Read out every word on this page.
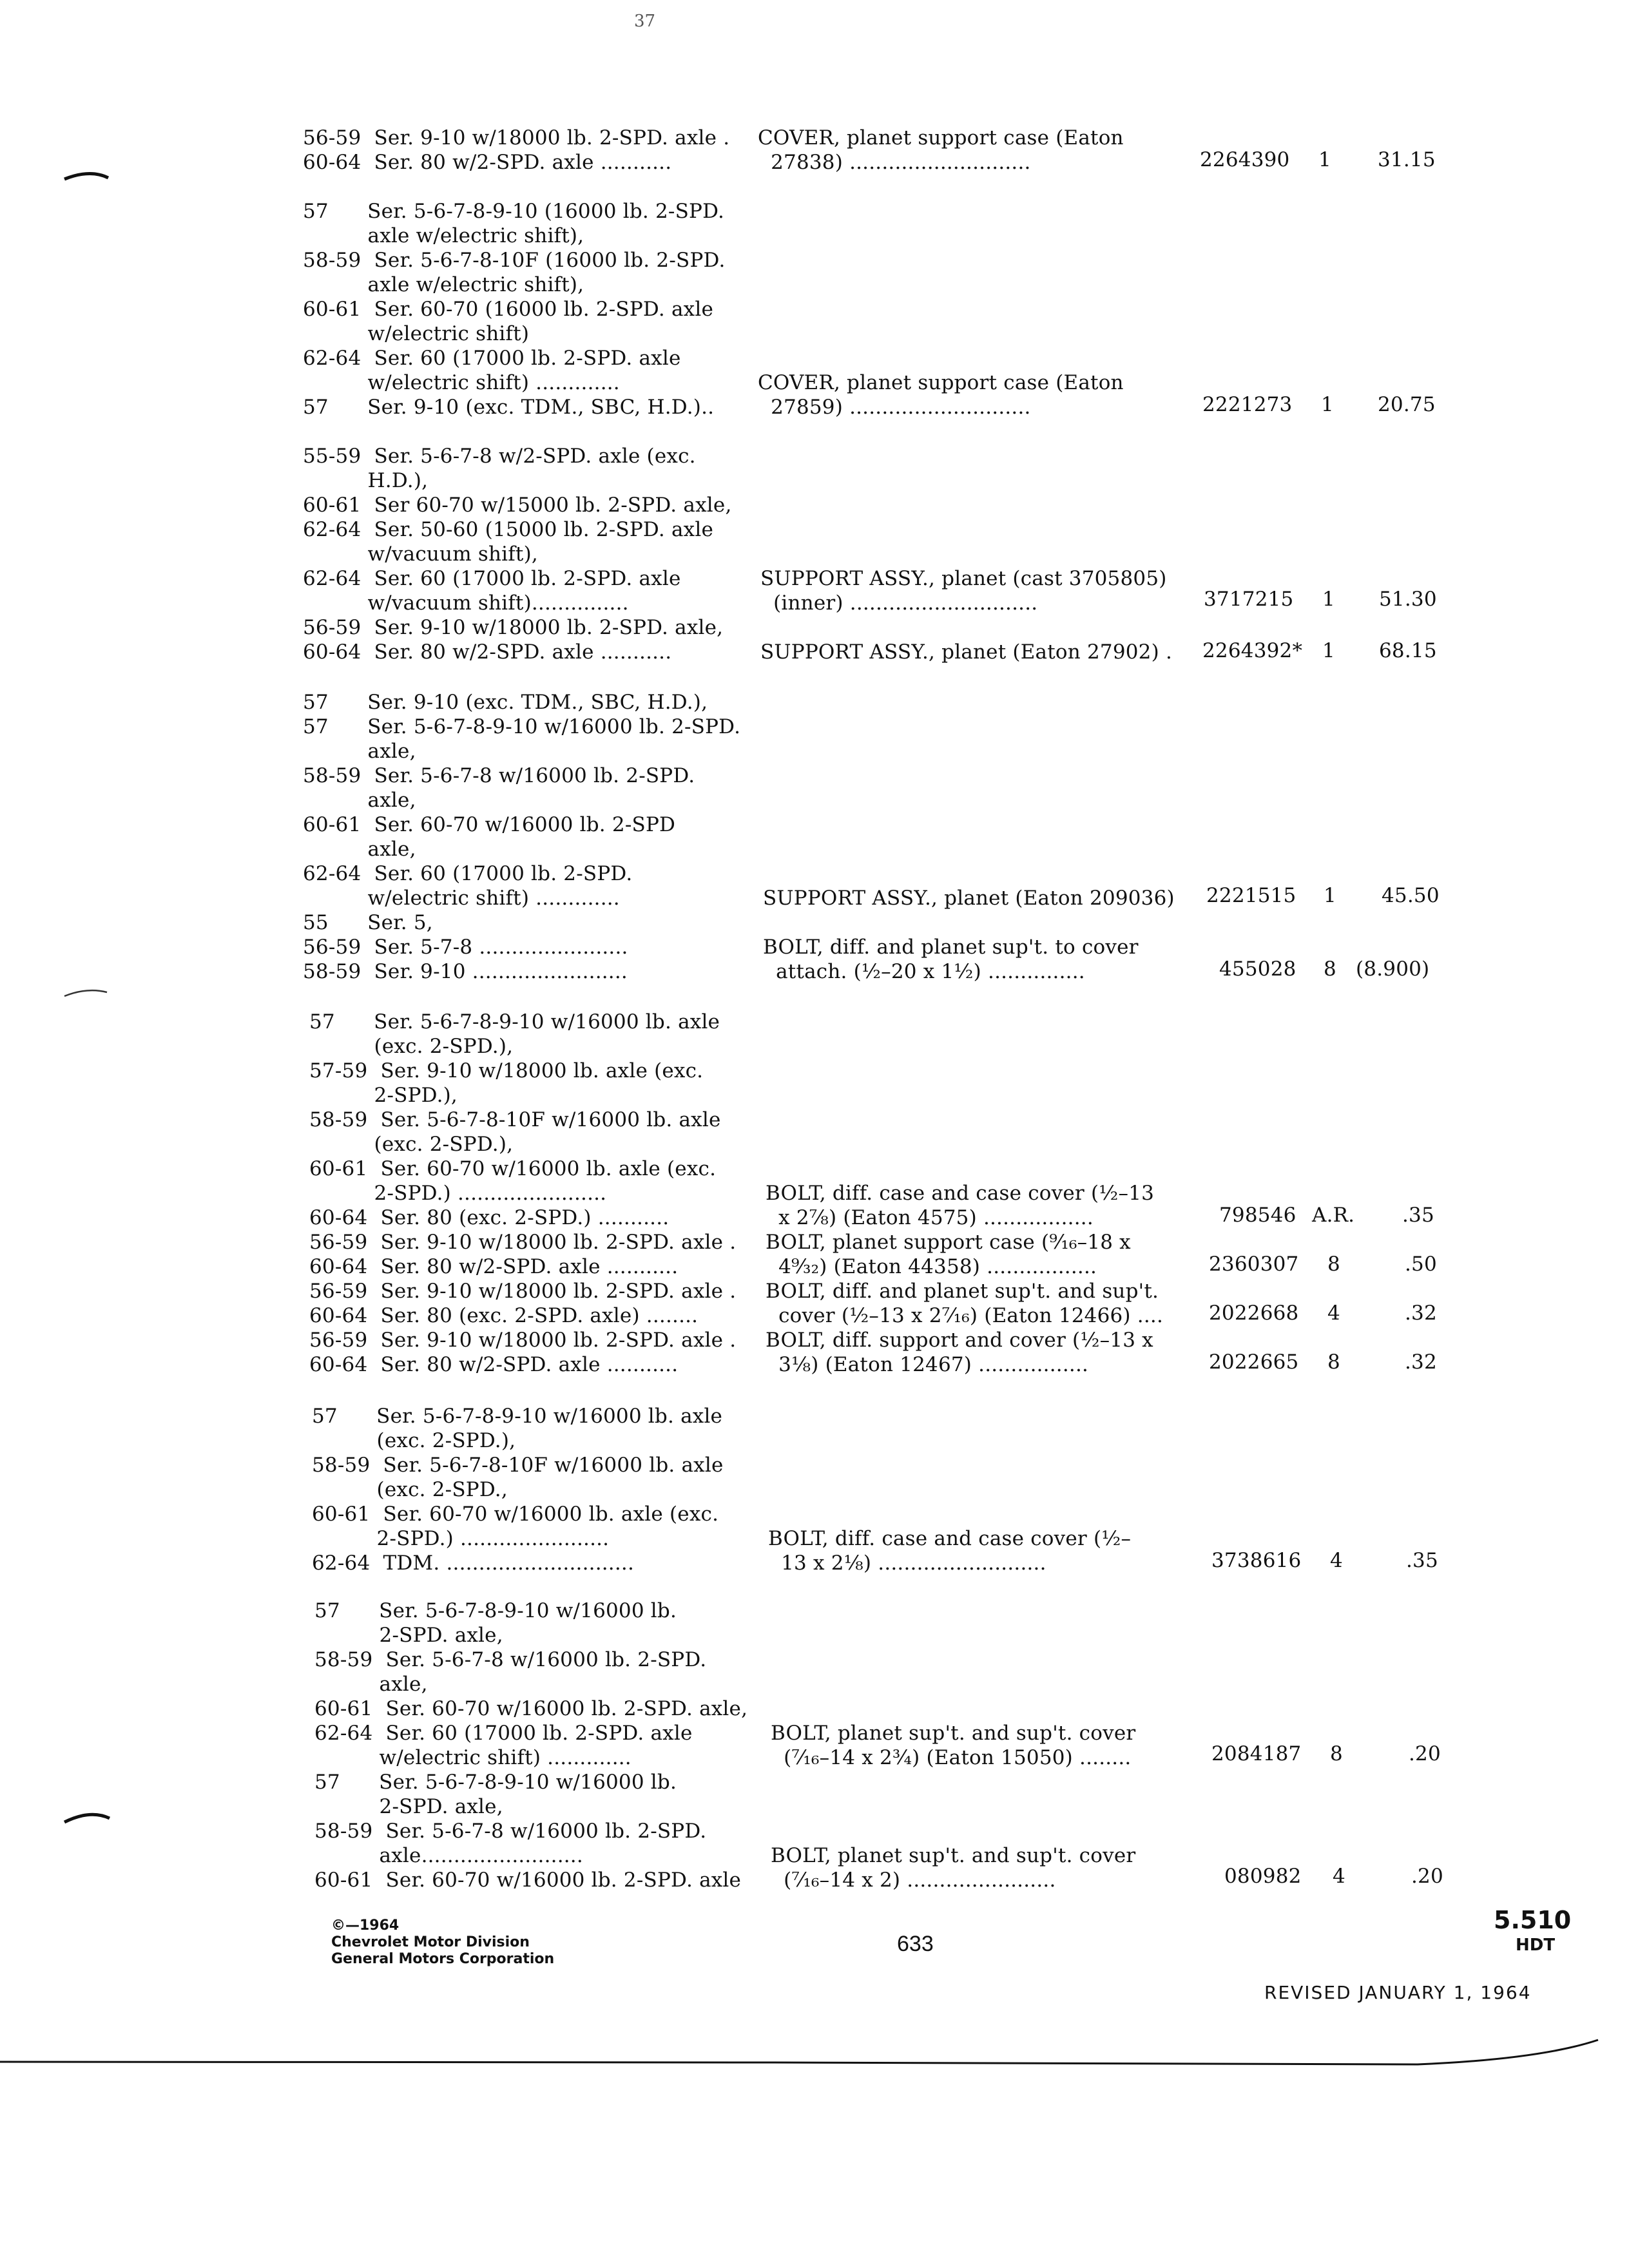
37
56-59  Ser. 9-10 w/18000 lb. 2-SPD. axle .
60-64  Ser. 80 w/2-SPD. axle ...........
57      Ser. 5-6-7-8-9-10 (16000 lb. 2-SPD.
axle w/electric shift),
58-59  Ser. 5-6-7-8-10F (16000 lb. 2-SPD.
axle w/electric shift),
60-61  Ser. 60-70 (16000 lb. 2-SPD. axle
w/electric shift)
62-64  Ser. 60 (17000 lb. 2-SPD. axle
w/electric shift) .............
57      Ser. 9-10 (exc. TDM., SBC, H.D.)..
55-59  Ser. 5-6-7-8 w/2-SPD. axle (exc.
H.D.),
60-61  Ser 60-70 w/15000 lb. 2-SPD. axle,
62-64  Ser. 50-60 (15000 lb. 2-SPD. axle
w/vacuum shift),
62-64  Ser. 60 (17000 lb. 2-SPD. axle
w/vacuum shift)...............
56-59  Ser. 9-10 w/18000 lb. 2-SPD. axle,
60-64  Ser. 80 w/2-SPD. axle ...........
57      Ser. 9-10 (exc. TDM., SBC, H.D.),
57      Ser. 5-6-7-8-9-10 w/16000 lb. 2-SPD.
axle,
58-59  Ser. 5-6-7-8 w/16000 lb. 2-SPD.
axle,
60-61  Ser. 60-70 w/16000 lb. 2-SPD
axle,
62-64  Ser. 60 (17000 lb. 2-SPD.
w/electric shift) .............
55      Ser. 5,
56-59  Ser. 5-7-8 .......................
58-59  Ser. 9-10 ........................
57      Ser. 5-6-7-8-9-10 w/16000 lb. axle
(exc. 2-SPD.),
57-59  Ser. 9-10 w/18000 lb. axle (exc.
2-SPD.),
58-59  Ser. 5-6-7-8-10F w/16000 lb. axle
(exc. 2-SPD.),
60-61  Ser. 60-70 w/16000 lb. axle (exc.
2-SPD.) .......................
60-64  Ser. 80 (exc. 2-SPD.) ...........
56-59  Ser. 9-10 w/18000 lb. 2-SPD. axle .
60-64  Ser. 80 w/2-SPD. axle ...........
56-59  Ser. 9-10 w/18000 lb. 2-SPD. axle .
60-64  Ser. 80 (exc. 2-SPD. axle) ........
56-59  Ser. 9-10 w/18000 lb. 2-SPD. axle .
60-64  Ser. 80 w/2-SPD. axle ...........
57      Ser. 5-6-7-8-9-10 w/16000 lb. axle
(exc. 2-SPD.),
58-59  Ser. 5-6-7-8-10F w/16000 lb. axle
(exc. 2-SPD.,
60-61  Ser. 60-70 w/16000 lb. axle (exc.
2-SPD.) .......................
62-64  TDM. .............................
57      Ser. 5-6-7-8-9-10 w/16000 lb.
2-SPD. axle,
58-59  Ser. 5-6-7-8 w/16000 lb. 2-SPD.
axle,
60-61  Ser. 60-70 w/16000 lb. 2-SPD. axle,
62-64  Ser. 60 (17000 lb. 2-SPD. axle
w/electric shift) .............
57      Ser. 5-6-7-8-9-10 w/16000 lb.
2-SPD. axle,
58-59  Ser. 5-6-7-8 w/16000 lb. 2-SPD.
axle.........................
60-61  Ser. 60-70 w/16000 lb. 2-SPD. axle
COVER, planet support case (Eaton
27838) ............................
COVER, planet support case (Eaton
27859) ............................
SUPPORT ASSY., planet (cast 3705805)
(inner) .............................
SUPPORT ASSY., planet (Eaton 27902) .
SUPPORT ASSY., planet (Eaton 209036)
BOLT, diff. and planet sup't. to cover
attach. (½–20 x 1½) ...............
BOLT, diff. case and case cover (½–13
x 2⅞) (Eaton 4575) .................
BOLT, planet support case (⁹⁄₁₆–18 x
4⁹⁄₃₂) (Eaton 44358) .................
BOLT, diff. and planet sup't. and sup't.
cover (½–13 x 2⁷⁄₁₆) (Eaton 12466) ....
BOLT, diff. support and cover (½–13 x
3⅛) (Eaton 12467) .................
BOLT, diff. case and case cover (½–
13 x 2⅛) ..........................
BOLT, planet sup't. and sup't. cover
(⁷⁄₁₆–14 x 2¾) (Eaton 15050) ........
BOLT, planet sup't. and sup't. cover
(⁷⁄₁₆–14 x 2) .......................
2264390
2221273
3717215
2264392*
2221515
455028
798546
2360307
2022668
2022665
3738616
2084187
080982
1
1
1
1
1
8
A.R.
8
4
8
4
8
4
31.15
20.75
51.30
68.15
45.50
(8.900)
.35
.50
.32
.32
.35
.20
.20
©—1964
Chevrolet Motor Division
General Motors Corporation
633
5.510
HDT
REVISED JANUARY 1, 1964
